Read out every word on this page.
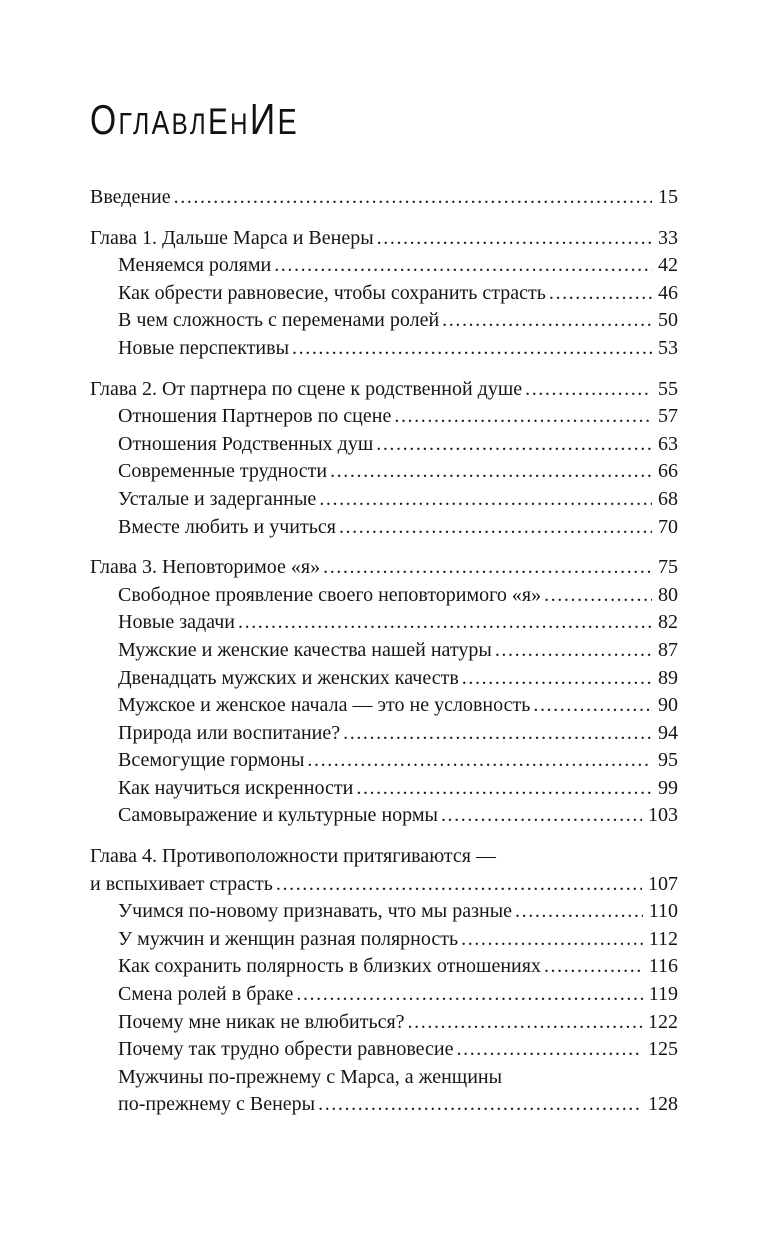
ОГЛАВЛЕНИЕ
Введение .....	15
Глава 1. Дальше Марса и Венеры .....	33
Меняемся ролями .....	42
Как обрести равновесие, чтобы сохранить страсть .....	46
В чем сложность с переменами ролей .....	50
Новые перспективы .....	53
Глава 2. От партнера по сцене к родственной душе .....	55
Отношения Партнеров по сцене .....	57
Отношения Родственных душ .....	63
Современные трудности .....	66
Усталые и задерганные .....	68
Вместе любить и учиться .....	70
Глава 3. Неповторимое «я» .....	75
Свободное проявление своего неповторимого «я» .....	80
Новые задачи .....	82
Мужские и женские качества нашей натуры .....	87
Двенадцать мужских и женских качеств .....	89
Мужское и женское начала — это не условность .....	90
Природа или воспитание? .....	94
Всемогущие гормоны .....	95
Как научиться искренности .....	99
Самовыражение и культурные нормы .....	103
Глава 4. Противоположности притягиваются —
и вспыхивает страсть .....	107
Учимся по-новому признавать, что мы разные .....	110
У мужчин и женщин разная полярность .....	112
Как сохранить полярность в близких отношениях .....	116
Смена ролей в браке .....	119
Почему мне никак не влюбиться? .....	122
Почему так трудно обрести равновесие .....	125
Мужчины по-прежнему с Марса, а женщины
по-прежнему с Венеры .....	128
